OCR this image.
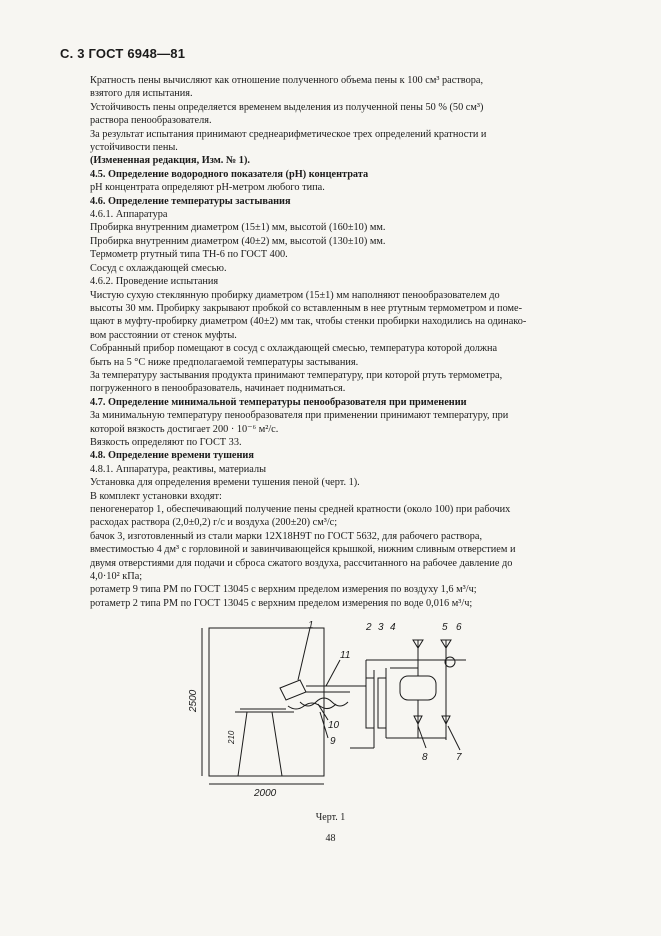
С. 3 ГОСТ 6948—81

Кратность пены вычисляют как отношение полученного объема пены к 100 см³ раствора,

взятого для испытания.

Устойчивость пены определяется временем выделения из полученной пены 50 % (50 см³)

раствора пенообразователя.

За результат испытания принимают среднеарифметическое трех определений кратности и

устойчивости пены.

(Измененная редакция, Изм. № 1).

4.5. Определение водородного показателя (pH) концентрата

pH концентрата определяют pH-метром любого типа.

4.6. Определение температуры застывания

4.6.1. Аппаратура

Пробирка внутренним диаметром (15±1) мм, высотой (160±10) мм.

Пробирка внутренним диаметром (40±2) мм, высотой (130±10) мм.

Термометр ртутный типа ТН-6 по ГОСТ 400.

Сосуд с охлаждающей смесью.

4.6.2. Проведение испытания

Чистую сухую стеклянную пробирку диаметром (15±1) мм наполняют пенообразователем до

высоты 30 мм. Пробирку закрывают пробкой со вставленным в нее ртутным термометром и поме-

щают в муфту-пробирку диаметром (40±2) мм так, чтобы стенки пробирки находились на одинако-

вом расстоянии от стенок муфты.

Собранный прибор помещают в сосуд с охлаждающей смесью, температура которой должна

быть на 5 °С ниже предполагаемой температуры застывания.

За температуру застывания продукта принимают температуру, при которой ртуть термометра,

погруженного в пенообразователь, начинает подниматься.

4.7. Определение минимальной температуры пенообразователя при применении

За минимальную температуру пенообразователя при применении принимают температуру, при

которой вязкость достигает 200 · 10⁻⁶ м²/с.

Вязкость определяют по ГОСТ 33.

4.8. Определение времени тушения

4.8.1. Аппаратура, реактивы, материалы

Установка для определения времени тушения пеной (черт. 1).

В комплект установки входят:

пеногенератор 1, обеспечивающий получение пены средней кратности (около 100) при рабочих

расходах раствора (2,0±0,2) г/с и воздуха (200±20) см³/с;

бачок 3, изготовленный из стали марки 12Х18Н9Т по ГОСТ 5632, для рабочего раствора,

вместимостью 4 дм³ с горловиной и завинчивающейся крышкой, нижним сливным отверстием и

двумя отверстиями для подачи и сброса сжатого воздуха, рассчитанного на рабочее давление до

4,0·10² кПа;

ротаметр 9 типа РМ по ГОСТ 13045 с верхним пределом измерения по воздуху 1,6 м³/ч;

ротаметр 2 типа РМ по ГОСТ 13045 с верхним пределом измерения по воде 0,016 м³/ч;

2500
210
2000
1	2 3 4	5 6
7
8
9
10
11
Черт. 1
48
